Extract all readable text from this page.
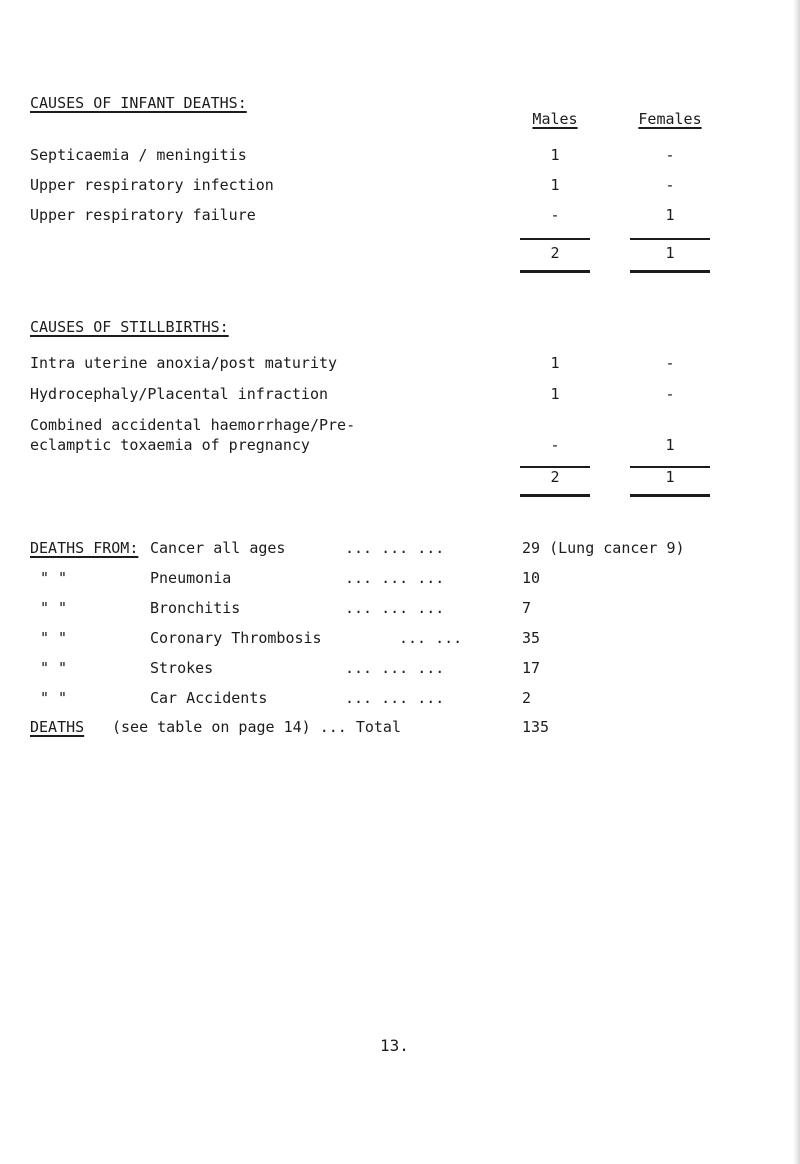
CAUSES OF INFANT DEATHS:
Males	Females
Septicaemia / meningitis	1	-
Upper respiratory infection	1	-
Upper respiratory failure	-	1
2	1
CAUSES OF STILLBIRTHS:
Intra uterine anoxia/post maturity	1	-
Hydrocephaly/Placental infraction	1	-
Combined accidental haemorrhage/Pre-
eclamptic toxaemia of pregnancy	-	1
2	1
DEATHS FROM: Cancer all ages	... ... ...	29 (Lung cancer 9)
" "	Pneumonia	... ... ...	10
" "	Bronchitis	... ... ...	7
" "	Coronary Thrombosis	... ...	35
" "	Strokes	... ... ...	17
" "	Car Accidents	... ... ...	2
DEATHS (see table on page 14) ... Total	135
13.
